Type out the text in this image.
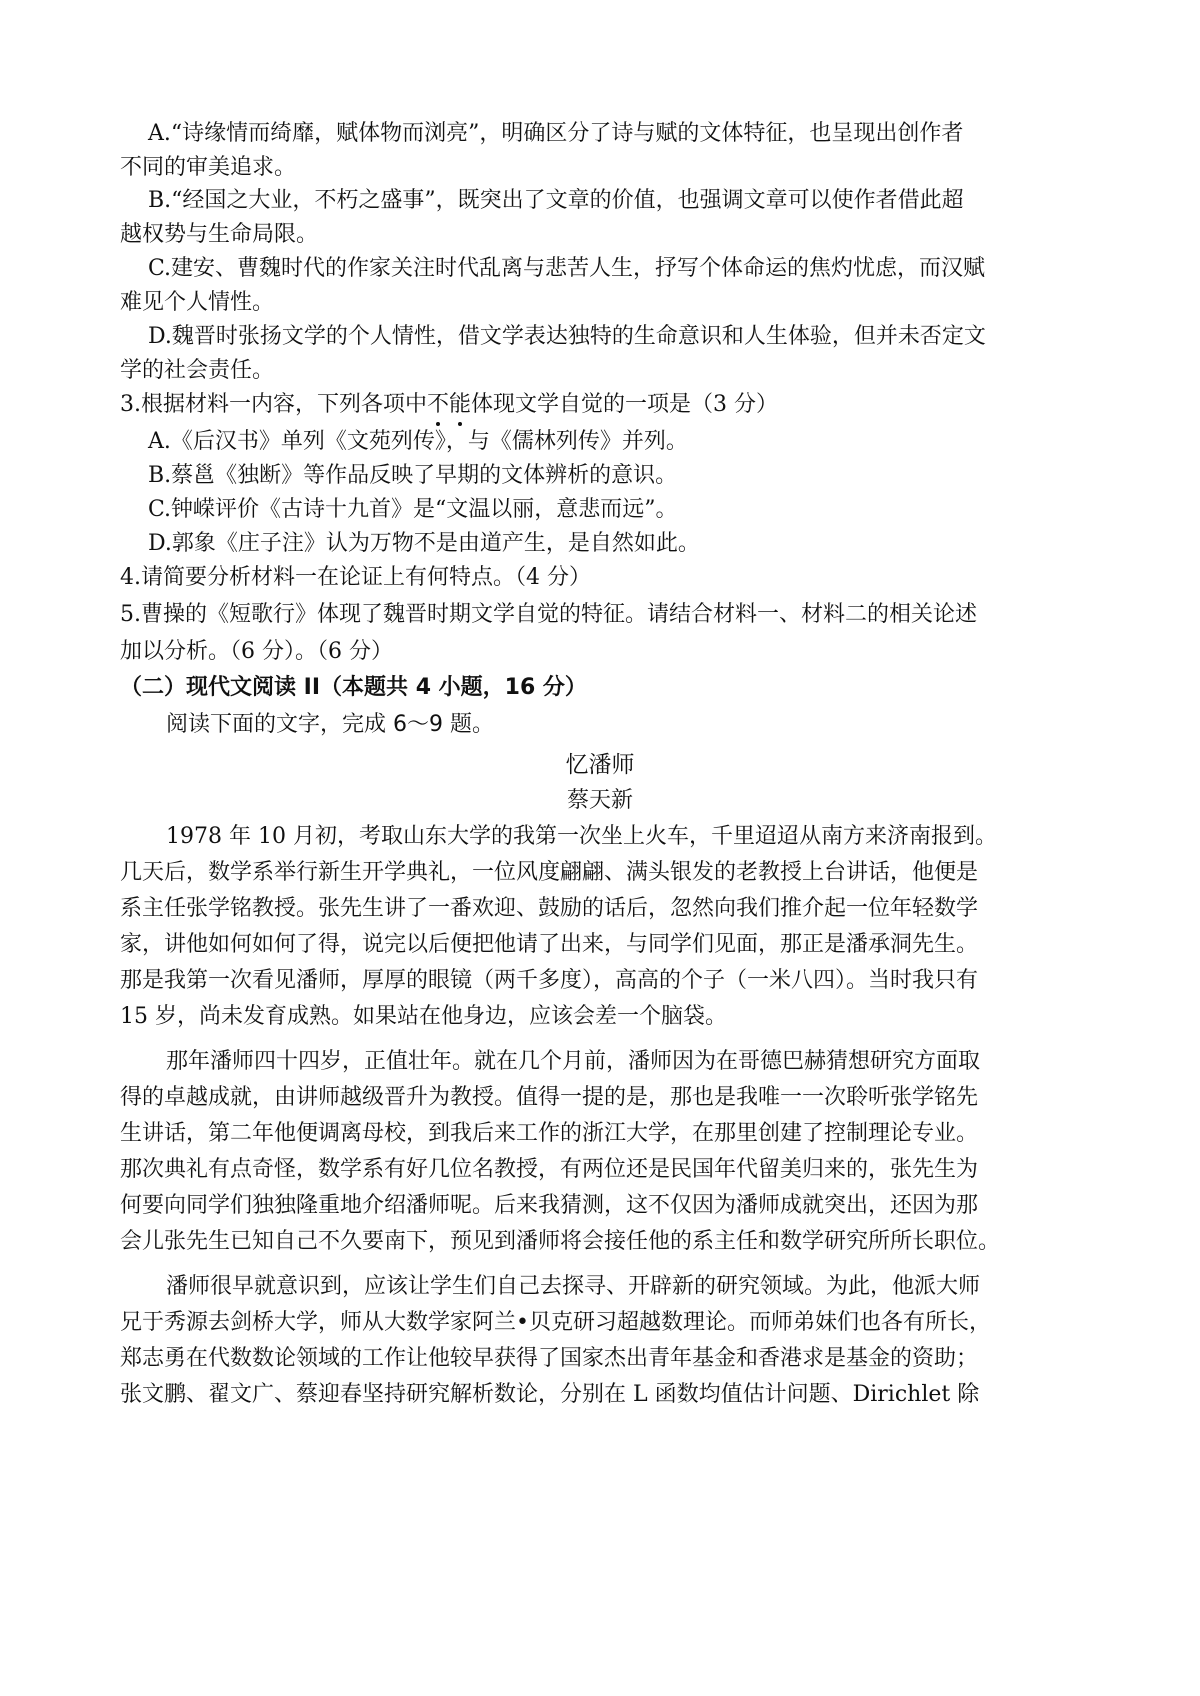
A.“诗缘情而绮靡，赋体物而浏亮”，明确区分了诗与赋的文体特征，也呈现出创作者
不同的审美追求。
B.“经国之大业，不朽之盛事”，既突出了文章的价值，也强调文章可以使作者借此超
越权势与生命局限。
C.建安、曹魏时代的作家关注时代乱离与悲苦人生，抒写个体命运的焦灼忧虑，而汉赋
难见个人情性。
D.魏晋时张扬文学的个人情性，借文学表达独特的生命意识和人生体验，但并未否定文
学的社会责任。
3.根据材料一内容，下列各项中不能体现文学自觉的一项是（3 分）
A.《后汉书》单列《文苑列传》，与《儒林列传》并列。
B.蔡邕《独断》等作品反映了早期的文体辨析的意识。
C.钟嵘评价《古诗十九首》是“文温以丽，意悲而远”。
D.郭象《庄子注》认为万物不是由道产生，是自然如此。
4.请简要分析材料一在论证上有何特点。（4 分）
5.曹操的《短歌行》体现了魏晋时期文学自觉的特征。请结合材料一、材料二的相关论述
加以分析。（6 分）。（6 分）
（二）现代文阅读 II（本题共 4 小题，16 分）
阅读下面的文字，完成 6～9 题。
忆潘师
蔡天新
1978 年 10 月初，考取山东大学的我第一次坐上火车，千里迢迢从南方来济南报到。
几天后，数学系举行新生开学典礼，一位风度翩翩、满头银发的老教授上台讲话，他便是
系主任张学铭教授。张先生讲了一番欢迎、鼓励的话后，忽然向我们推介起一位年轻数学
家，讲他如何如何了得，说完以后便把他请了出来，与同学们见面，那正是潘承洞先生。
那是我第一次看见潘师，厚厚的眼镜（两千多度），高高的个子（一米八四）。当时我只有
15 岁，尚未发育成熟。如果站在他身边，应该会差一个脑袋。
那年潘师四十四岁，正值壮年。就在几个月前，潘师因为在哥德巴赫猜想研究方面取
得的卓越成就，由讲师越级晋升为教授。值得一提的是，那也是我唯一一次聆听张学铭先
生讲话，第二年他便调离母校，到我后来工作的浙江大学，在那里创建了控制理论专业。
那次典礼有点奇怪，数学系有好几位名教授，有两位还是民国年代留美归来的，张先生为
何要向同学们独独隆重地介绍潘师呢。后来我猜测，这不仅因为潘师成就突出，还因为那
会儿张先生已知自己不久要南下，预见到潘师将会接任他的系主任和数学研究所所长职位。
潘师很早就意识到，应该让学生们自己去探寻、开辟新的研究领域。为此，他派大师
兄于秀源去剑桥大学，师从大数学家阿兰•贝克研习超越数理论。而师弟妹们也各有所长，
郑志勇在代数数论领域的工作让他较早获得了国家杰出青年基金和香港求是基金的资助；
张文鹏、翟文广、蔡迎春坚持研究解析数论，分别在 L 函数均值估计问题、Dirichlet 除
